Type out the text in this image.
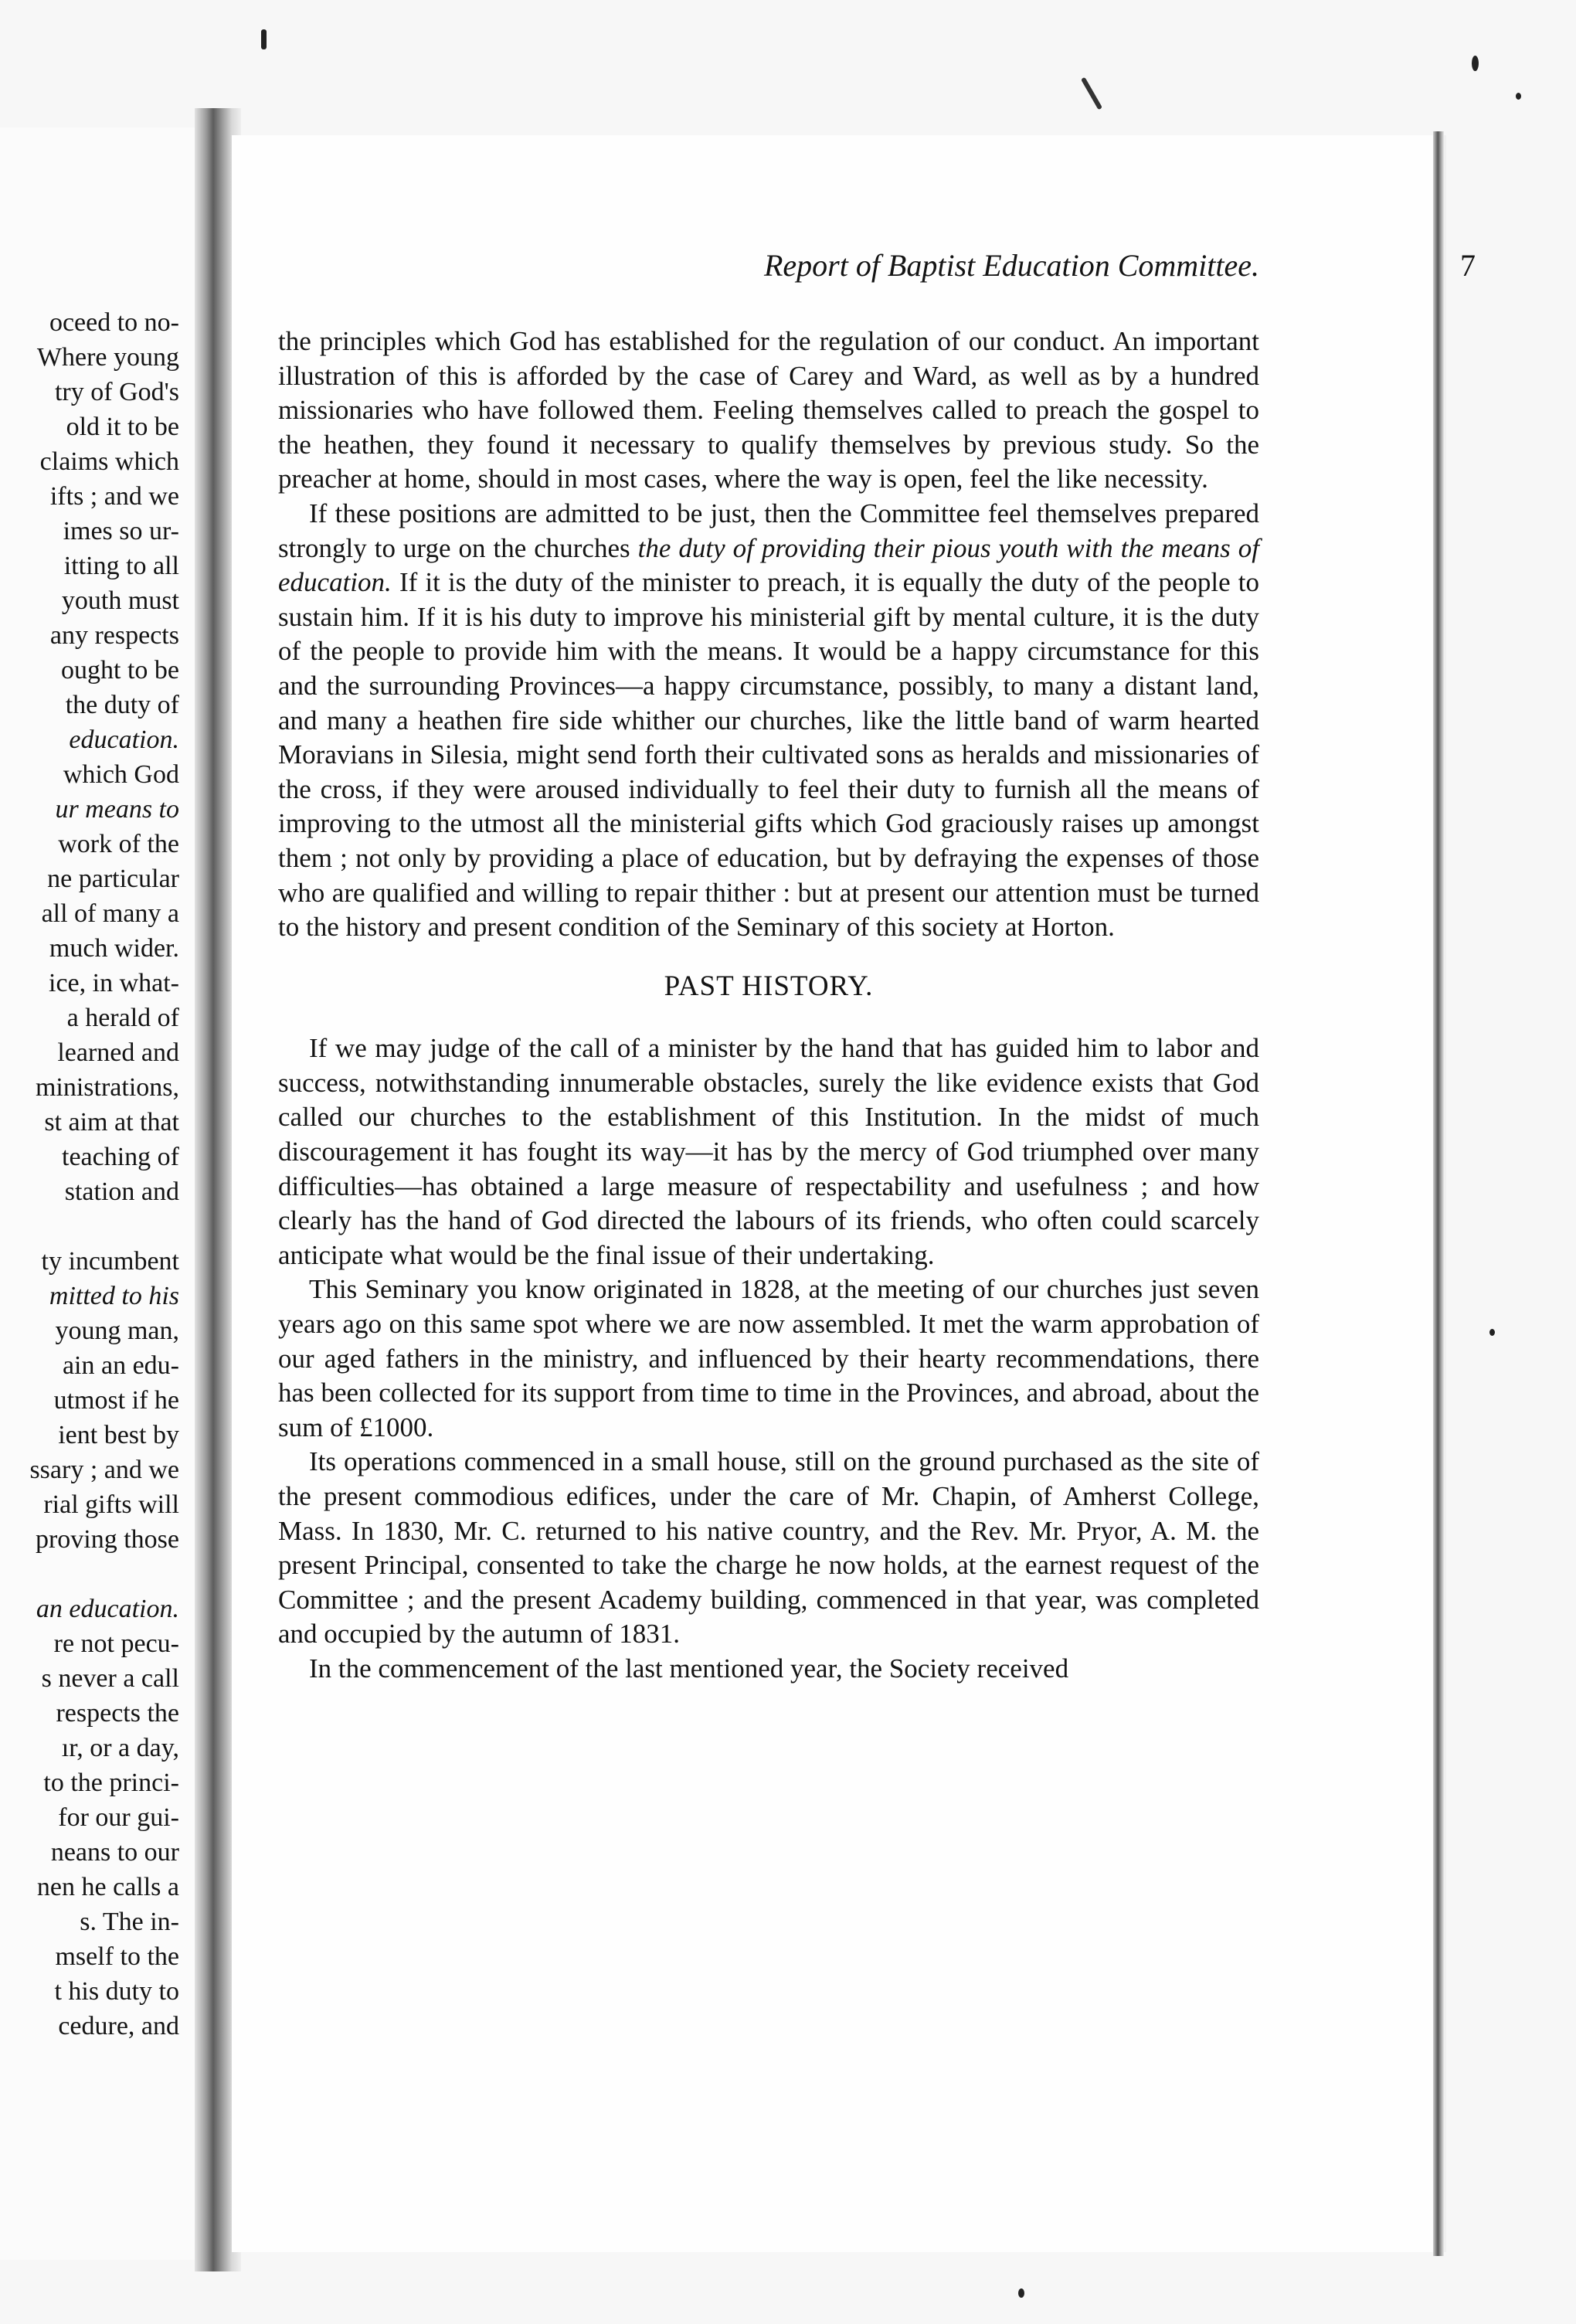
oceed to no-
Where young
try of God's
old it to be
claims which
ifts ; and we
imes so ur-
itting to all
youth must
any respects
ought to be
the duty of
education.
which God
ur means to
work of the
ne particular
all of many a
much wider.
ice, in what-
a herald of
learned and
ministrations,
st aim at that
teaching of
station and
ty incumbent
mitted to his
young man,
ain an edu-
utmost if he
ient best by
ssary ; and we
rial gifts will
proving those
an education.
re not pecu-
s never a call
respects the
ır, or a day,
to the princi-
for our gui-
neans to our
nen he calls a
s. The in-
mself to the
t his duty to
cedure, and
Report of Baptist Education Committee.	7

the principles which God has established for the regulation of our conduct. An important illustration of this is afforded by the case of Carey and Ward, as well as by a hundred missionaries who have followed them. Feeling themselves called to preach the gospel to the heathen, they found it necessary to qualify themselves by previous study. So the preacher at home, should in most cases, where the way is open, feel the like necessity.

If these positions are admitted to be just, then the Committee feel themselves prepared strongly to urge on the churches the duty of providing their pious youth with the means of education. If it is the duty of the minister to preach, it is equally the duty of the people to sustain him. If it is his duty to improve his ministerial gift by mental culture, it is the duty of the people to provide him with the means. It would be a happy circumstance for this and the surrounding Provinces—a happy circumstance, possibly, to many a distant land, and many a heathen fire side whither our churches, like the little band of warm hearted Moravians in Silesia, might send forth their cultivated sons as heralds and missionaries of the cross, if they were aroused individually to feel their duty to furnish all the means of improving to the utmost all the ministerial gifts which God graciously raises up amongst them ; not only by providing a place of education, but by defraying the expenses of those who are qualified and willing to repair thither : but at present our attention must be turned to the history and present condition of the Seminary of this society at Horton.

PAST HISTORY.

If we may judge of the call of a minister by the hand that has guided him to labor and success, notwithstanding innumerable obstacles, surely the like evidence exists that God called our churches to the establishment of this Institution. In the midst of much discouragement it has fought its way—it has by the mercy of God triumphed over many difficulties—has obtained a large measure of respectability and usefulness ; and how clearly has the hand of God directed the labours of its friends, who often could scarcely anticipate what would be the final issue of their undertaking.

This Seminary you know originated in 1828, at the meeting of our churches just seven years ago on this same spot where we are now assembled. It met the warm approbation of our aged fathers in the ministry, and influenced by their hearty recommendations, there has been collected for its support from time to time in the Provinces, and abroad, about the sum of £1000.

Its operations commenced in a small house, still on the ground purchased as the site of the present commodious edifices, under the care of Mr. Chapin, of Amherst College, Mass. In 1830, Mr. C. returned to his native country, and the Rev. Mr. Pryor, A. M. the present Principal, consented to take the charge he now holds, at the earnest request of the Committee ; and the present Academy building, commenced in that year, was completed and occupied by the autumn of 1831.

In the commencement of the last mentioned year, the Society received
